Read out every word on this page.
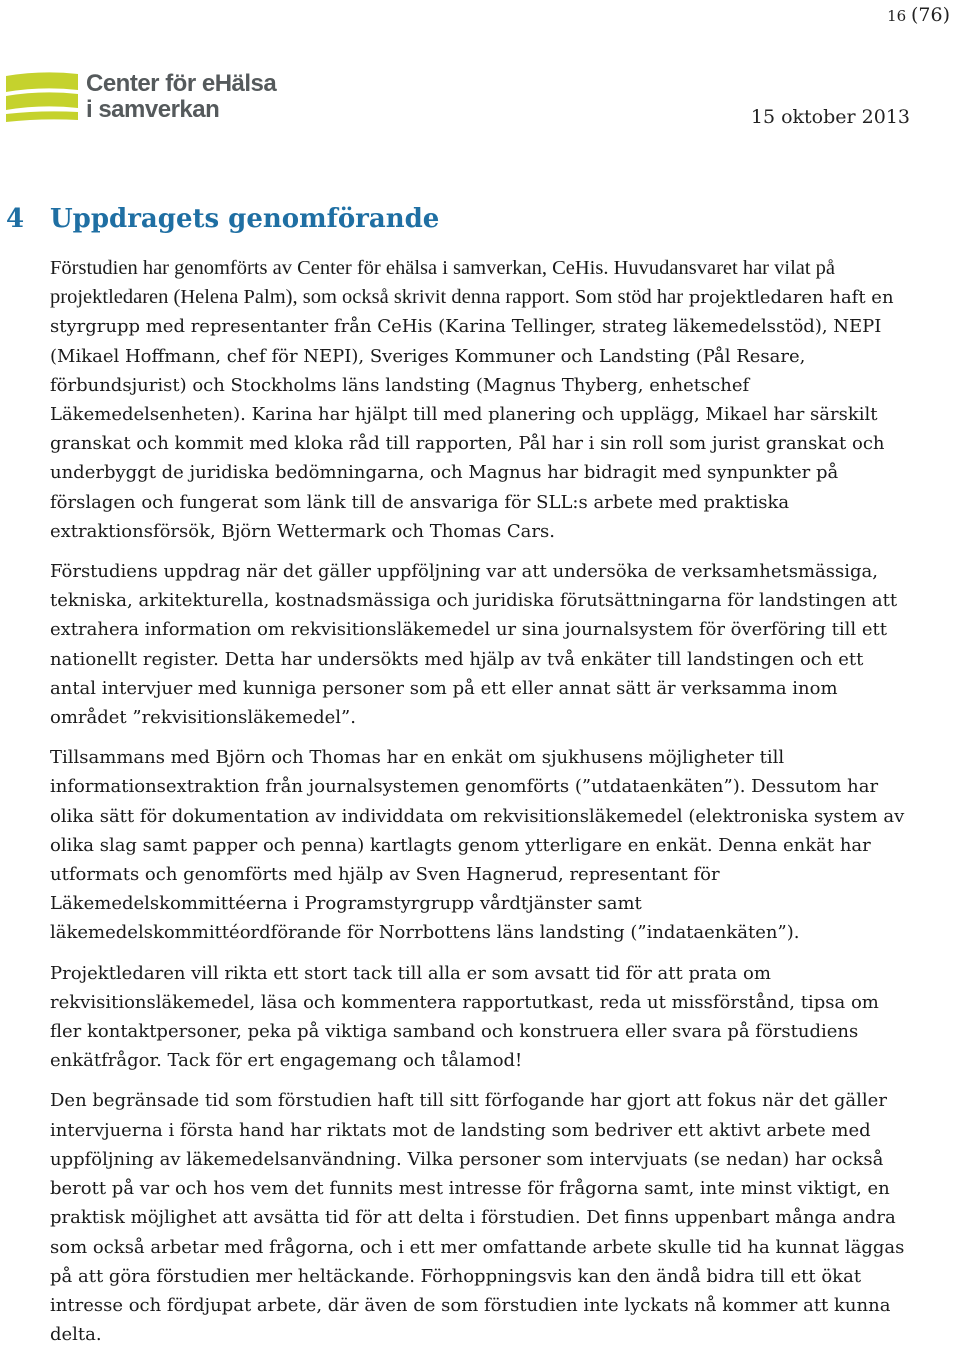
16 (76)
Center för eHälsa
i samverkan	15 oktober 2013
4 Uppdragets genomförande

Förstudien har genomförts av Center för ehälsa i samverkan, CeHis. Huvudansvaret har vilat på projektledaren (Helena Palm), som också skrivit denna rapport. Som stöd har projektledaren haft en styrgrupp med representanter från CeHis (Karina Tellinger, strateg läkemedelsstöd), NEPI (Mikael Hoffmann, chef för NEPI), Sveriges Kommuner och Landsting (Pål Resare, förbundsjurist) och Stockholms läns landsting (Magnus Thyberg, enhetschef Läkemedelsenheten). Karina har hjälpt till med planering och upplägg, Mikael har särskilt granskat och kommit med kloka råd till rapporten, Pål har i sin roll som jurist granskat och underbyggt de juridiska bedömningarna, och Magnus har bidragit med synpunkter på förslagen och fungerat som länk till de ansvariga för SLL:s arbete med praktiska extraktionsförsök, Björn Wettermark och Thomas Cars.

Förstudiens uppdrag när det gäller uppföljning var att undersöka de verksamhetsmässiga, tekniska, arkitekturella, kostnadsmässiga och juridiska förutsättningarna för landstingen att extrahera information om rekvisitionsläkemedel ur sina journalsystem för överföring till ett nationellt register. Detta har undersökts med hjälp av två enkäter till landstingen och ett antal intervjuer med kunniga personer som på ett eller annat sätt är verksamma inom området ”rekvisitionsläkemedel”.

Tillsammans med Björn och Thomas har en enkät om sjukhusens möjligheter till informationsextraktion från journalsystemen genomförts (”utdataenkäten”). Dessutom har olika sätt för dokumentation av individdata om rekvisitionsläkemedel (elektroniska system av olika slag samt papper och penna) kartlagts genom ytterligare en enkät. Denna enkät har utformats och genomförts med hjälp av Sven Hagnerud, representant för Läkemedelskommittéerna i Programstyrgrupp vårdtjänster samt läkemedelskommittéordförande för Norrbottens läns landsting (”indataenkäten”).

Projektledaren vill rikta ett stort tack till alla er som avsatt tid för att prata om rekvisitionsläkemedel, läsa och kommentera rapportutkast, reda ut missförstånd, tipsa om fler kontaktpersoner, peka på viktiga samband och konstruera eller svara på förstudiens enkätfrågor. Tack för ert engagemang och tålamod!

Den begränsade tid som förstudien haft till sitt förfogande har gjort att fokus när det gäller intervjuerna i första hand har riktats mot de landsting som bedriver ett aktivt arbete med uppföljning av läkemedelsanvändning. Vilka personer som intervjuats (se nedan) har också berott på var och hos vem det funnits mest intresse för frågorna samt, inte minst viktigt, en praktisk möjlighet att avsätta tid för att delta i förstudien. Det finns uppenbart många andra som också arbetar med frågorna, och i ett mer omfattande arbete skulle tid ha kunnat läggas på att göra förstudien mer heltäckande. Förhoppningsvis kan den ändå bidra till ett ökat intresse och fördjupat arbete, där även de som förstudien inte lyckats nå kommer att kunna delta.
